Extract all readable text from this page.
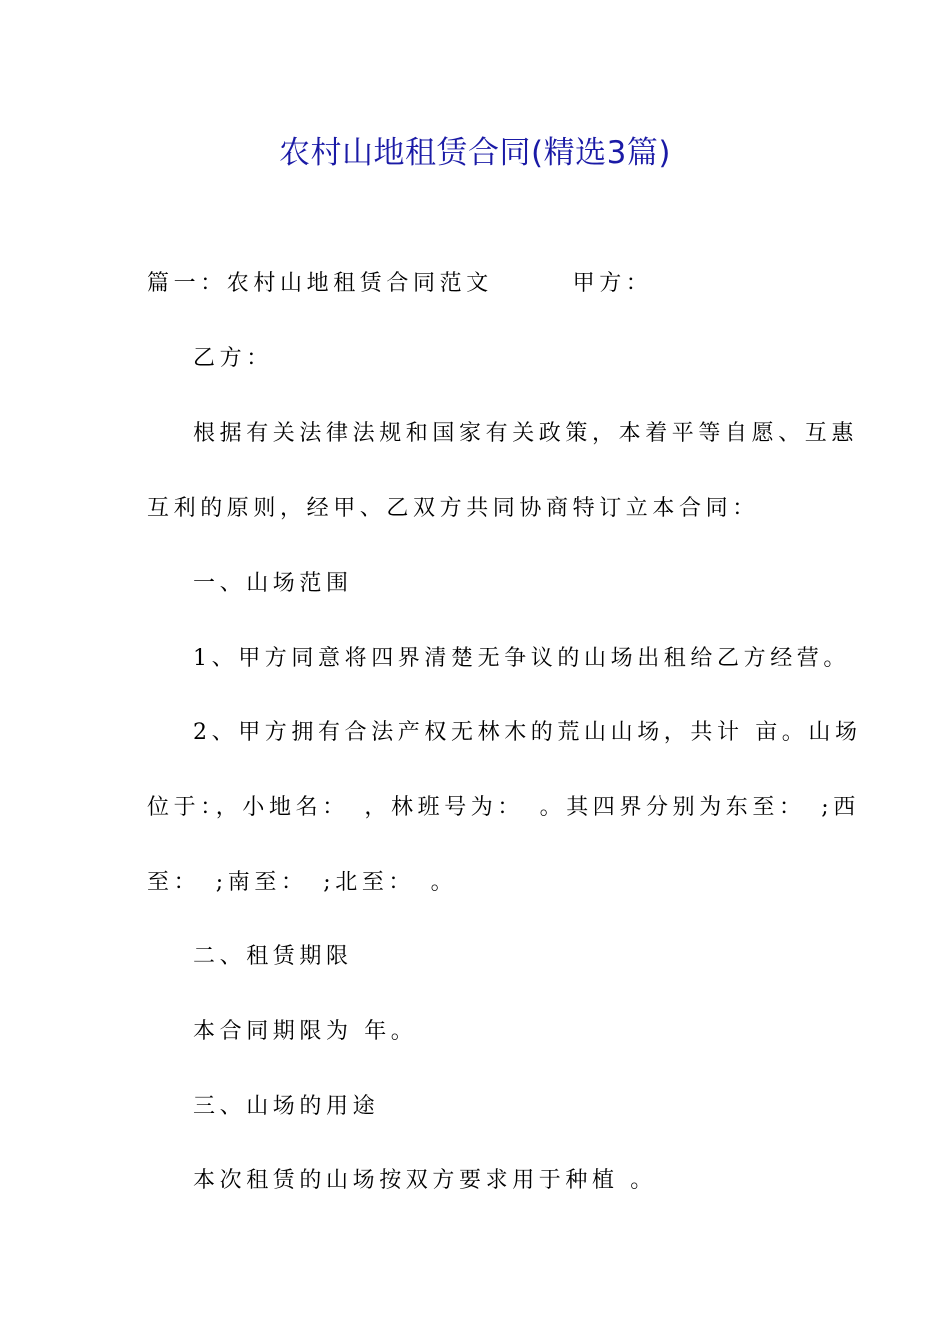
农村山地租赁合同(精选3篇)
篇一：农村山地租赁合同范文　　　甲方：
乙方：
根据有关法律法规和国家有关政策，本着平等自愿、互惠
互利的原则，经甲、乙双方共同协商特订立本合同：
一、山场范围
1、甲方同意将四界清楚无争议的山场出租给乙方经营。
2、甲方拥有合法产权无林木的荒山山场，共计 亩。山场
位于：，小地名：　，林班号为：　。其四界分别为东至：　;西
至：　;南至：　;北至：　。
二、租赁期限
本合同期限为 年。
三、山场的用途
本次租赁的山场按双方要求用于种植 。
